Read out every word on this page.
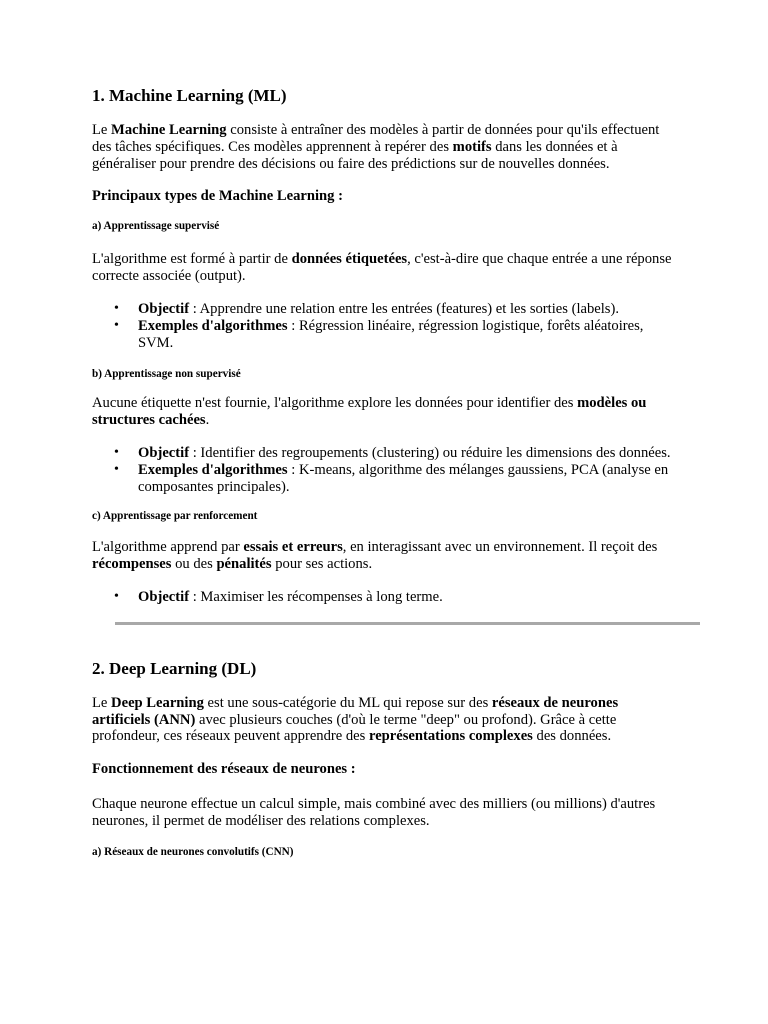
1. Machine Learning (ML)

Le Machine Learning consiste à entraîner des modèles à partir de données pour qu'ils effectuent des tâches spécifiques. Ces modèles apprennent à repérer des motifs dans les données et à généraliser pour prendre des décisions ou faire des prédictions sur de nouvelles données.

Principaux types de Machine Learning :

a) Apprentissage supervisé

L'algorithme est formé à partir de données étiquetées, c'est-à-dire que chaque entrée a une réponse correcte associée (output).

• Objectif : Apprendre une relation entre les entrées (features) et les sorties (labels).
• Exemples d'algorithmes : Régression linéaire, régression logistique, forêts aléatoires, SVM.

b) Apprentissage non supervisé

Aucune étiquette n'est fournie, l'algorithme explore les données pour identifier des modèles ou structures cachées.

• Objectif : Identifier des regroupements (clustering) ou réduire les dimensions des données.
• Exemples d'algorithmes : K-means, algorithme des mélanges gaussiens, PCA (analyse en composantes principales).

c) Apprentissage par renforcement

L'algorithme apprend par essais et erreurs, en interagissant avec un environnement. Il reçoit des récompenses ou des pénalités pour ses actions.

• Objectif : Maximiser les récompenses à long terme.
2. Deep Learning (DL)

Le Deep Learning est une sous-catégorie du ML qui repose sur des réseaux de neurones artificiels (ANN) avec plusieurs couches (d'où le terme "deep" ou profond). Grâce à cette profondeur, ces réseaux peuvent apprendre des représentations complexes des données.

Fonctionnement des réseaux de neurones :

Chaque neurone effectue un calcul simple, mais combiné avec des milliers (ou millions) d'autres neurones, il permet de modéliser des relations complexes.

a) Réseaux de neurones convolutifs (CNN)
